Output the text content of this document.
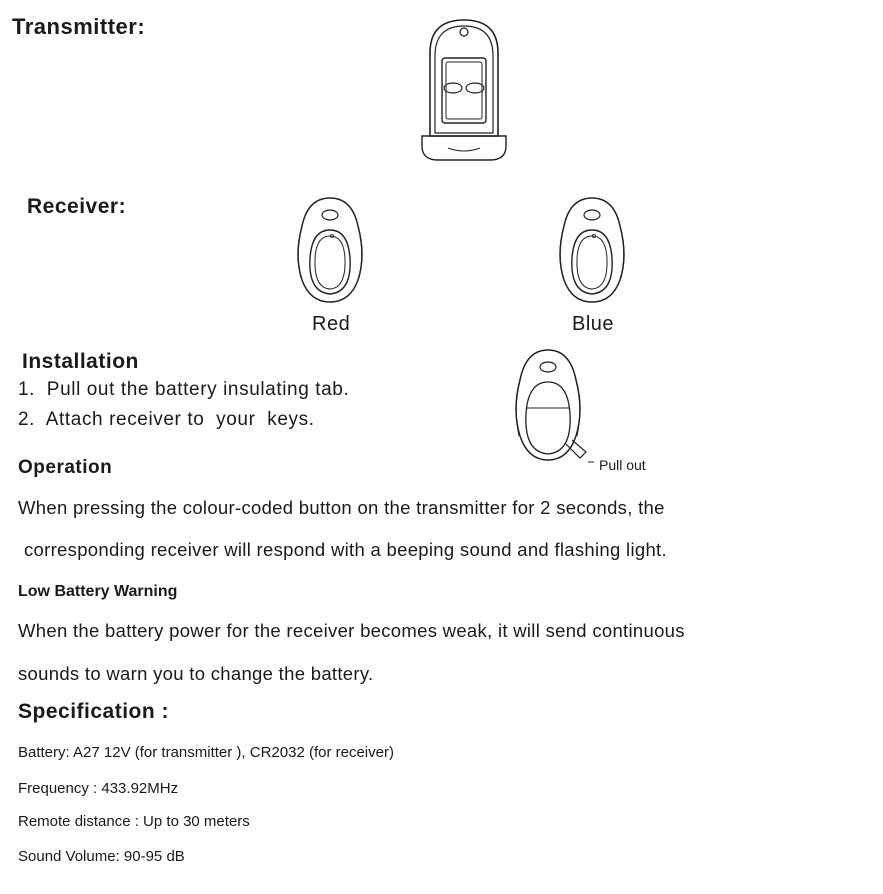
Transmitter:
Receiver:
Red	Blue
Installation
1.  Pull out the battery insulating tab.
2.  Attach receiver to  your  keys.
Pull out
Operation
When pressing the colour-coded button on the transmitter for 2 seconds, the
corresponding receiver will respond with a beeping sound and flashing light.
Low Battery Warning
When the battery power for the receiver becomes weak, it will send continuous
sounds to warn you to change the battery.
Specification :
Battery: A27 12V (for transmitter ), CR2032 (for receiver)
Frequency : 433.92MHz
Remote distance : Up to 30 meters
Sound Volume: 90-95 dB
